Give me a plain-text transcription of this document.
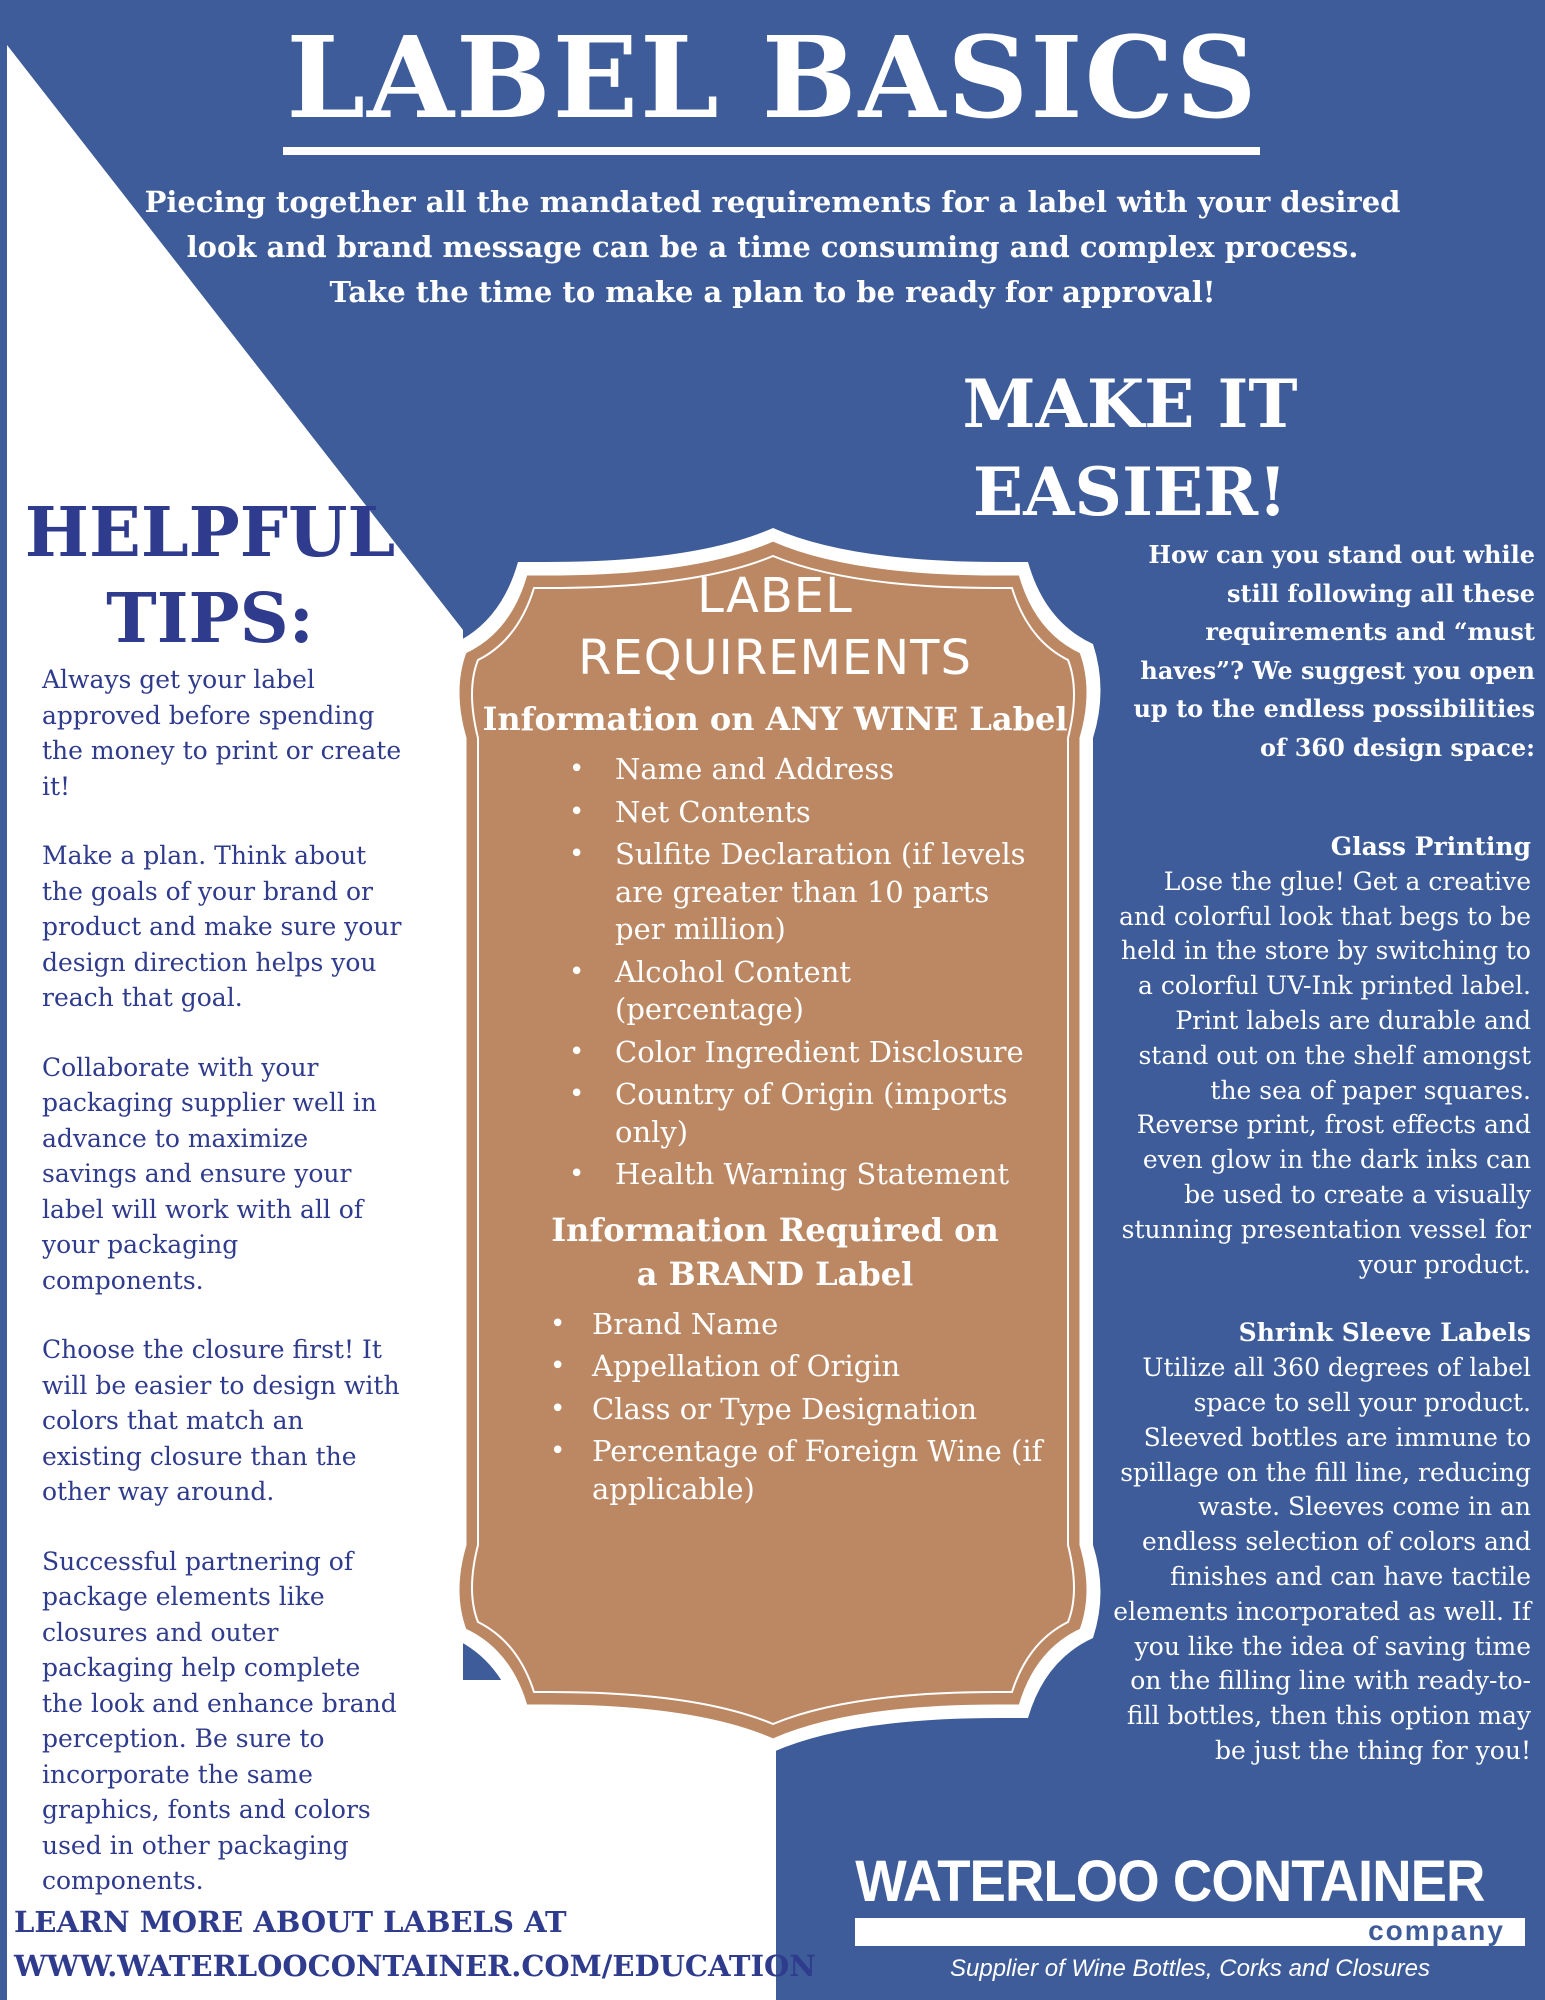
LABEL BASICS
Piecing together all the mandated requirements for a label with your desired
look and brand message can be a time consuming and complex process.
Take the time to make a plan to be ready for approval!
HELPFUL
TIPS:

Always get your label approved before spending the money to print or create it!

Make a plan. Think about the goals of your brand or product and make sure your design direction helps you reach that goal.

Collaborate with your packaging supplier well in advance to maximize savings and ensure your label will work with all of your packaging components.

Choose the closure first! It will be easier to design with colors that match an existing closure than the other way around.

Successful partnering of package elements like closures and outer packaging help complete the look and enhance brand perception. Be sure to incorporate the same graphics, fonts and colors used in other packaging components.

LEARN MORE ABOUT LABELS AT
WWW.WATERLOOCONTAINER.COM/EDUCATION
LABEL
REQUIREMENTS
Information on ANY WINE Label
• Name and Address
• Net Contents
• Sulfite Declaration (if levels are greater than 10 parts per million)
• Alcohol Content (percentage)
• Color Ingredient Disclosure
• Country of Origin (imports only)
• Health Warning Statement
Information Required on
a BRAND Label
• Brand Name
• Appellation of Origin
• Class or Type Designation
• Percentage of Foreign Wine (if applicable)
MAKE IT
EASIER!
How can you stand out while still following all these requirements and “must haves”? We suggest you open up to the endless possibilities of 360 design space:
Glass Printing

Lose the glue! Get a creative and colorful look that begs to be held in the store by switching to a colorful UV-Ink printed label. Print labels are durable and stand out on the shelf amongst the sea of paper squares. Reverse print, frost effects and even glow in the dark inks can be used to create a visually stunning presentation vessel for your product.

Shrink Sleeve Labels

Utilize all 360 degrees of label space to sell your product. Sleeved bottles are immune to spillage on the fill line, reducing waste. Sleeves come in an endless selection of colors and finishes and can have tactile elements incorporated as well. If you like the idea of saving time on the filling line with ready-to-fill bottles, then this option may be just the thing for you!

WATERLOO CONTAINER
company
Supplier of Wine Bottles, Corks and Closures
